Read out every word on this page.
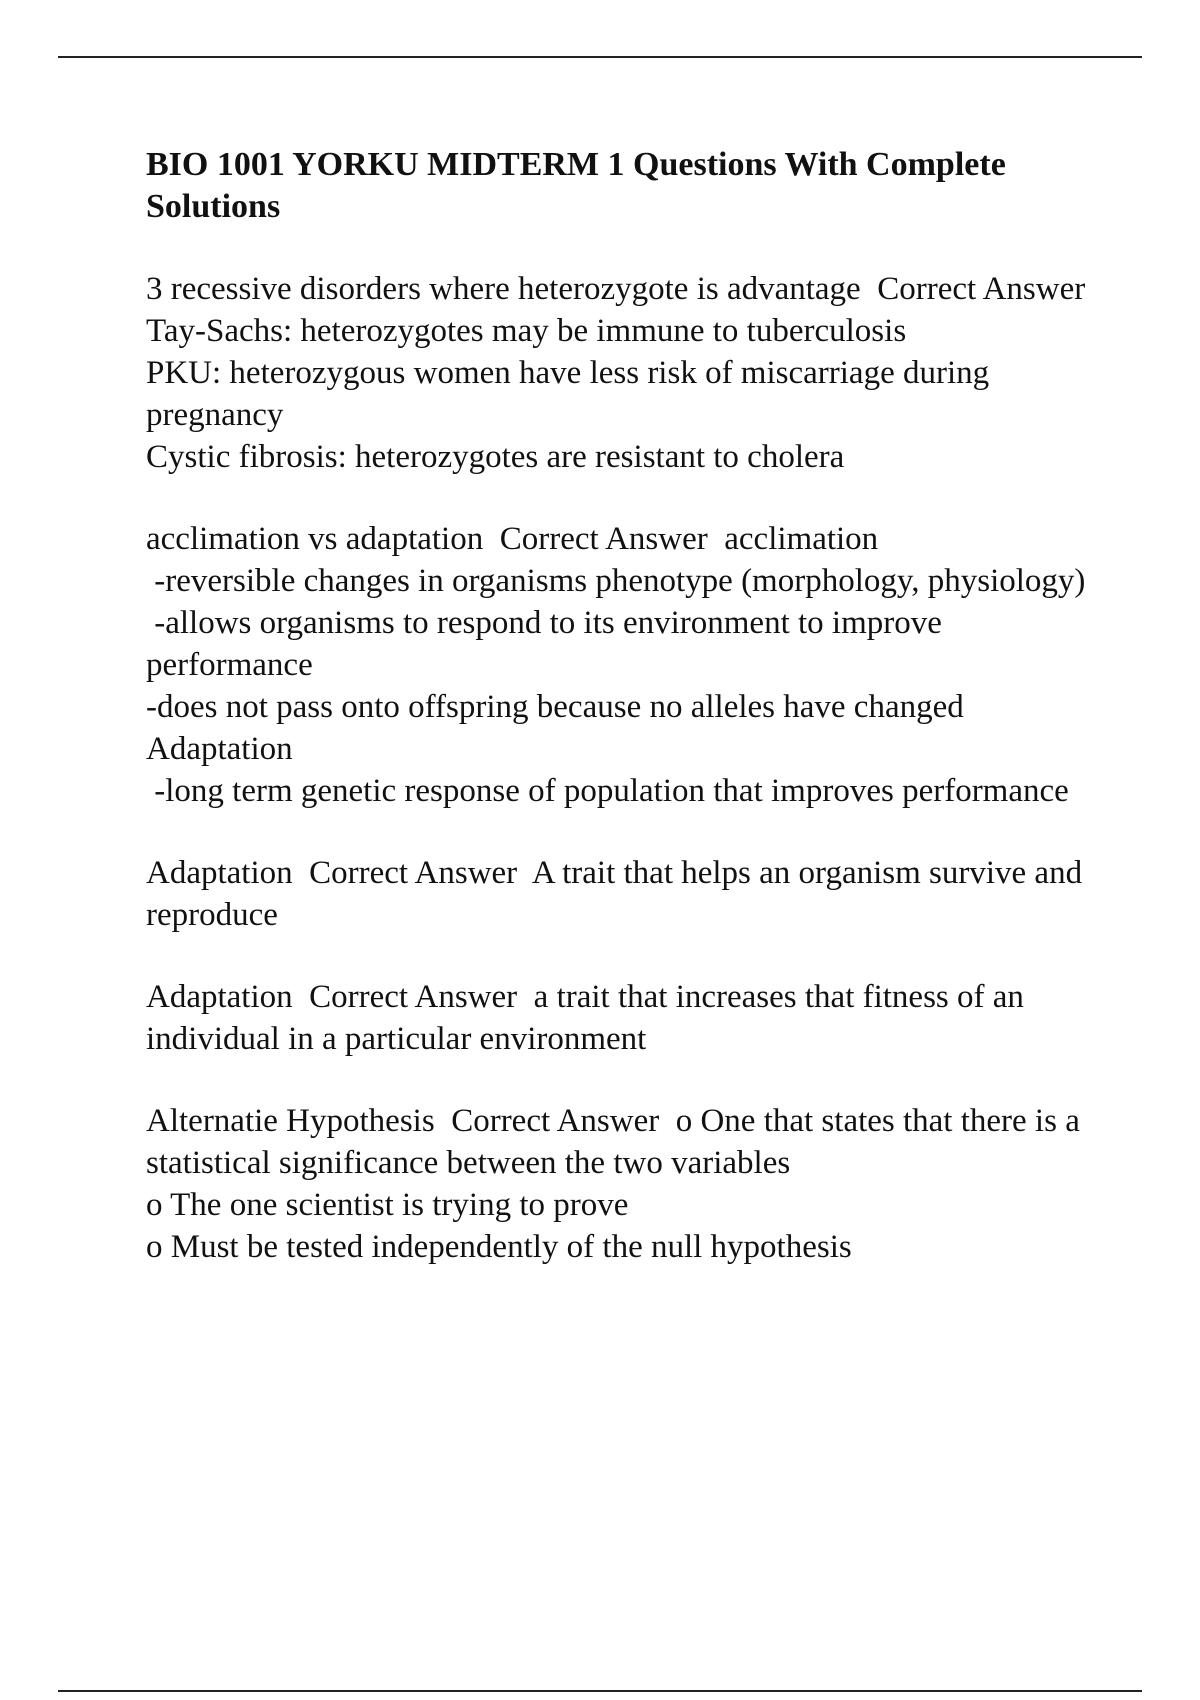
BIO 1001 YORKU MIDTERM 1 Questions With Complete Solutions
3 recessive disorders where heterozygote is advantage Correct Answer  Tay-Sachs: heterozygotes may be immune to tuberculosis
PKU: heterozygous women have less risk of miscarriage during pregnancy
Cystic fibrosis: heterozygotes are resistant to cholera
acclimation vs adaptation Correct Answer acclimation
-reversible changes in organisms phenotype (morphology, physiology)
-allows organisms to respond to its environment to improve performance
-does not pass onto offspring because no alleles have changed
Adaptation
-long term genetic response of population that improves performance
Adaptation Correct Answer A trait that helps an organism survive and reproduce
Adaptation Correct Answer a trait that increases that fitness of an individual in a particular environment
Alternatie Hypothesis Correct Answer o One that states that there is a statistical significance between the two variables
o The one scientist is trying to prove
o Must be tested independently of the null hypothesis
